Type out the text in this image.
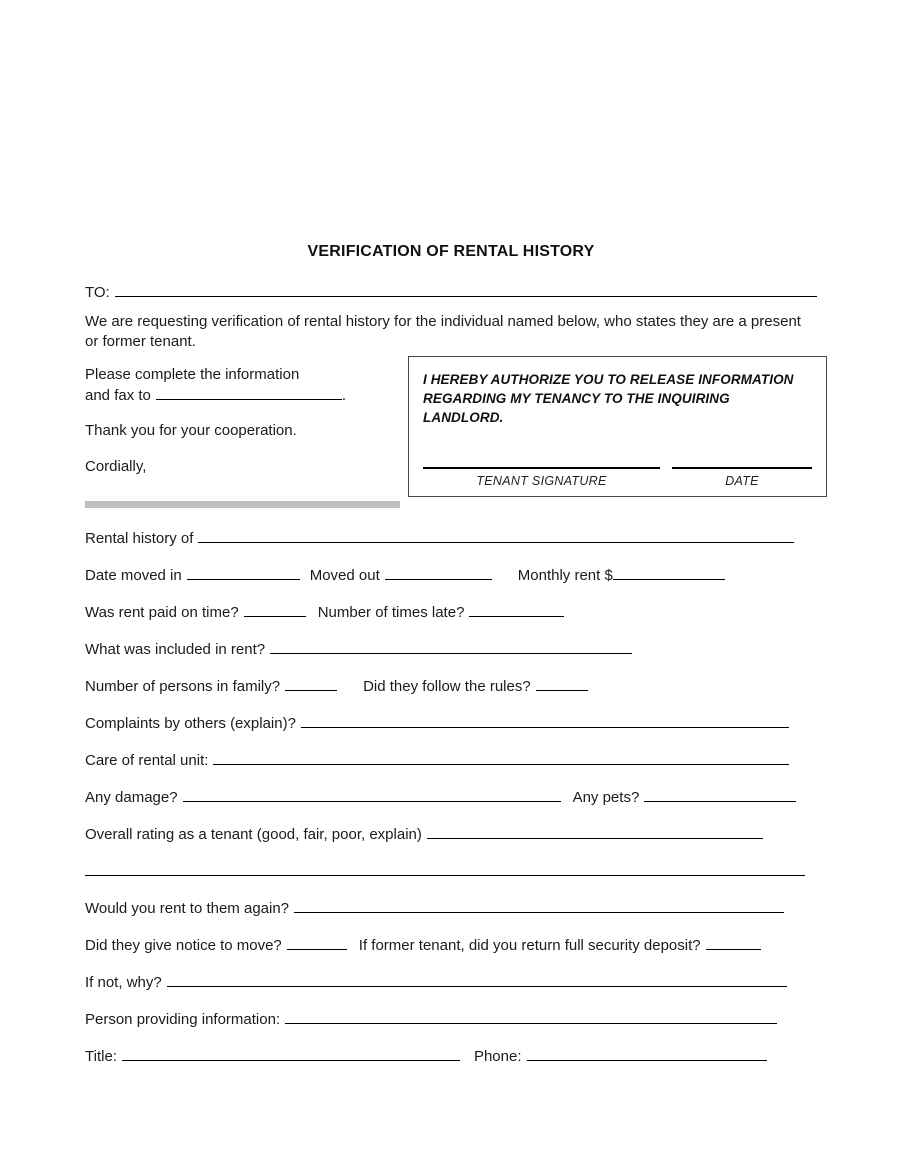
VERIFICATION OF RENTAL HISTORY
TO:

We are requesting verification of rental history for the individual named below, who states they are a present or former tenant.

Please complete the information
and fax to	.

Thank you for your cooperation.

Cordially,

I HEREBY AUTHORIZE YOU TO RELEASE INFORMATION REGARDING MY TENANCY TO THE INQUIRING LANDLORD.

TENANT SIGNATURE	DATE
Rental history of
Date moved in	Moved out	Monthly rent $
Was rent paid on time?	Number of times late?
What was included in rent?
Number of persons in family?	Did they follow the rules?
Complaints by others (explain)?
Care of rental unit:
Any damage?	Any pets?
Overall rating as a tenant (good, fair, poor, explain)
Would you rent to them again?
Did they give notice to move?	If former tenant, did you return full security deposit?
If not, why?
Person providing information:
Title:	Phone:
